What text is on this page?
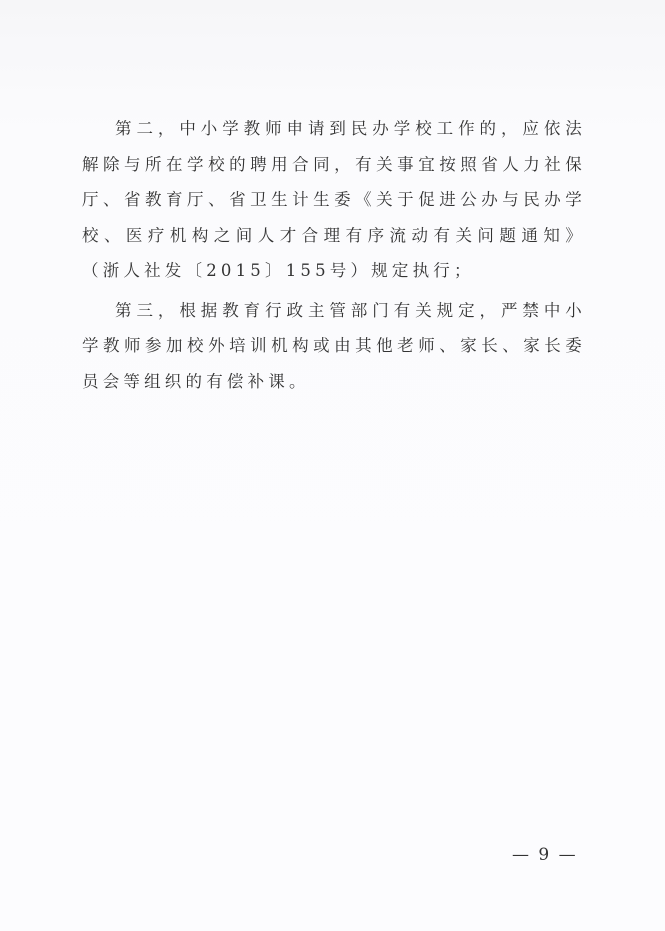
第二，中小学教师申请到民办学校工作的，应依法解除与所在学校的聘用合同，有关事宜按照省人力社保厅、省教育厅、省卫生计生委《关于促进公办与民办学校、医疗机构之间人才合理有序流动有关问题通知》（浙人社发〔2015〕155号）规定执行；

第三，根据教育行政主管部门有关规定，严禁中小学教师参加校外培训机构或由其他老师、家长、家长委员会等组织的有偿补课。

— 9 —
